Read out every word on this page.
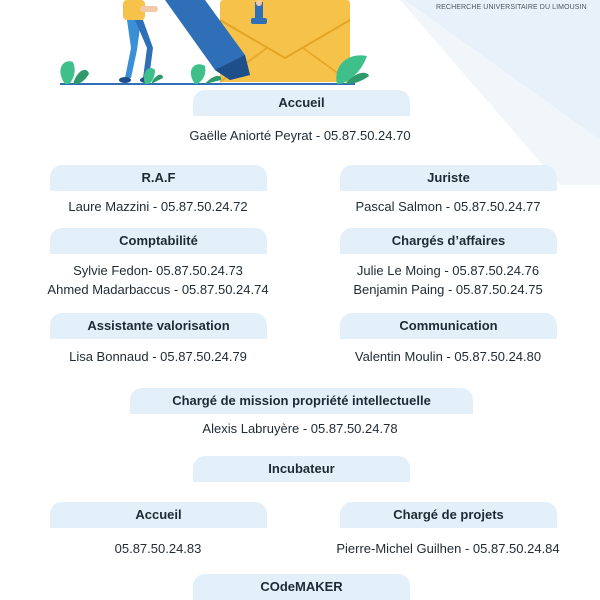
RECHERCHE UNIVERSITAIRE DU LIMOUSIN
Accueil
Gaëlle Aniorté Peyrat - 05.87.50.24.70
R.A.F
Laure Mazzini - 05.87.50.24.72
Juriste
Pascal Salmon - 05.87.50.24.77
Comptabilité
Sylvie Fedon- 05.87.50.24.73
Ahmed Madarbaccus - 05.87.50.24.74
Chargés d’affaires
Julie Le Moing - 05.87.50.24.76
Benjamin Paing - 05.87.50.24.75
Assistante valorisation
Lisa Bonnaud - 05.87.50.24.79
Communication
Valentin Moulin - 05.87.50.24.80
Chargé de mission propriété intellectuelle
Alexis Labruyère - 05.87.50.24.78
Incubateur
Accueil
05.87.50.24.83
Chargé de projets
Pierre-Michel Guilhen - 05.87.50.24.84
COdeMAKER
